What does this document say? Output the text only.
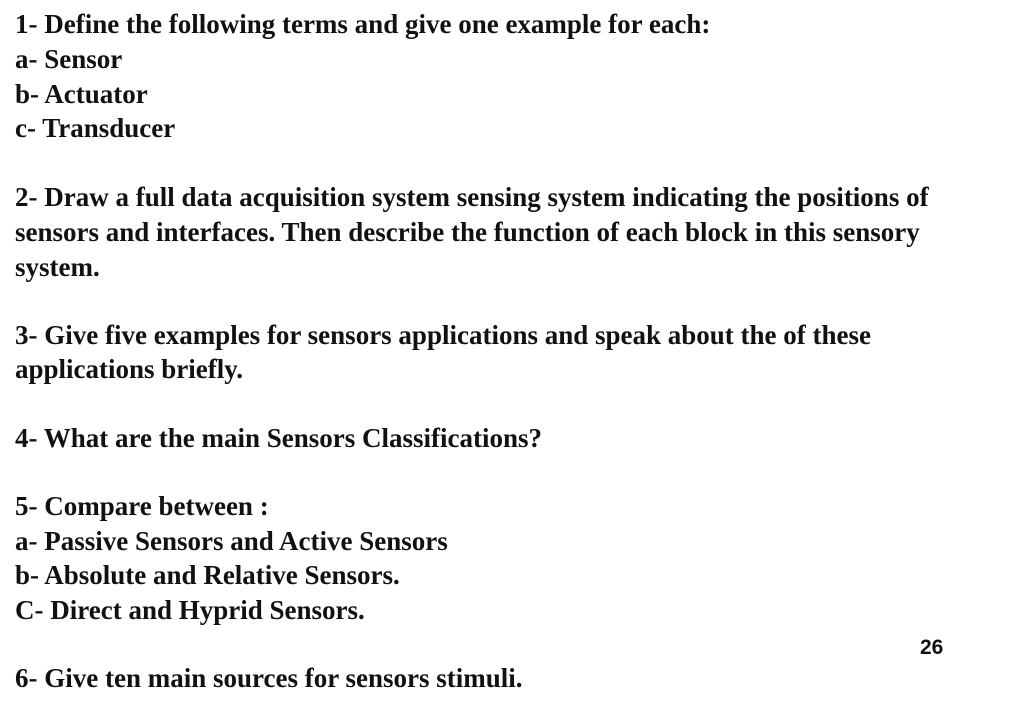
1- Define the following terms and give one example for each:

a- Sensor

b- Actuator

c- Transducer

2- Draw a full data acquisition system sensing system indicating the positions of

sensors and interfaces. Then describe the function of each block in this sensory

system.

3- Give five examples for sensors applications and speak about the of these

applications briefly.

4- What are the main Sensors Classifications?

5- Compare between :

a- Passive Sensors and Active Sensors

b- Absolute and Relative Sensors.

C- Direct and Hyprid Sensors.

26

6- Give ten main sources for sensors stimuli.
